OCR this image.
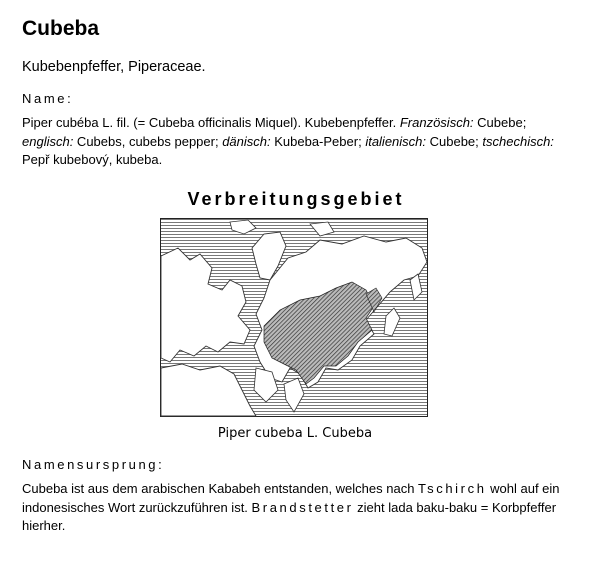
Cubeba

Kubebenpfeffer, Piperaceae.

Name:

Piper cubéba L. fil. (= Cubeba officinalis Miquel). Kubebenpfeffer. Französisch: Cubebe; englisch: Cubebs, cubebs pepper; dänisch: Kubeba-Peber; italienisch: Cubebe; tschechisch: Pepř kubebový, kubeba.

Verbreitungsgebiet
Piper cubeba L. Cubeba

Namensursprung:

Cubeba ist aus dem arabischen Kababeh entstanden, welches nach Tschirch wohl auf ein indonesisches Wort zurückzuführen ist. Brandstetter zieht lada baku-baku = Korbpfeffer hierher.
